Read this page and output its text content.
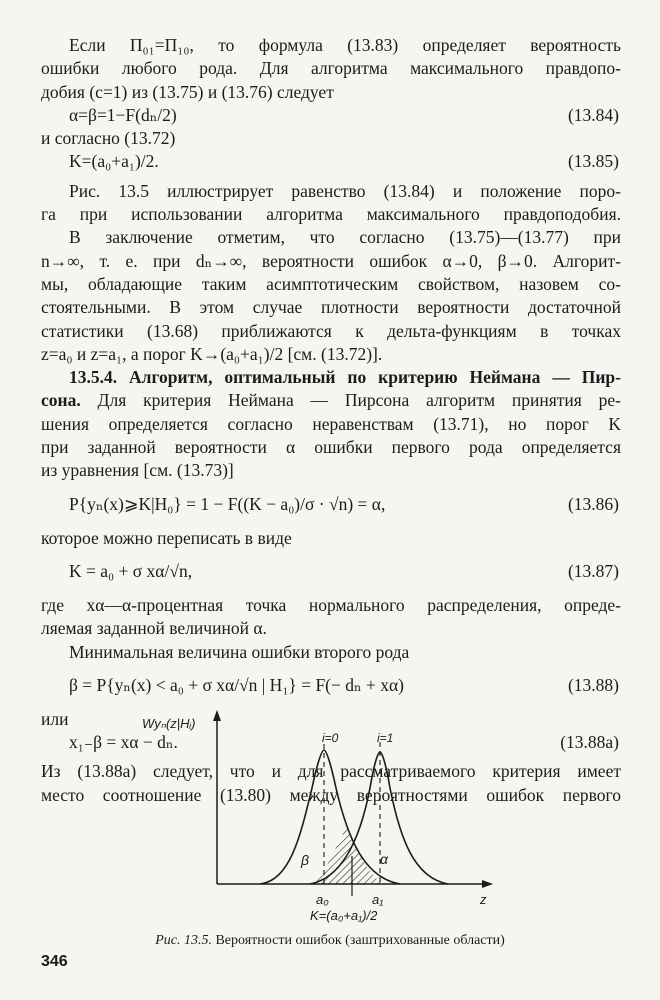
Если П₀₁=П₁₀, то формула (13.83) определяет вероятность

ошибки любого рода. Для алгоритма максимального правдопо-

добия (c=1) из (13.75) и (13.76) следует

α=β=1−F(dₙ/2)	(13.84)

и согласно (13.72)

K=(a₀+a₁)/2.	(13.85)

Рис. 13.5 иллюстрирует равенство (13.84) и положение поро-

га при использовании алгоритма максимального правдоподобия.

В заключение отметим, что согласно (13.75)—(13.77) при

n→∞, т. е. при dₙ→∞, вероятности ошибок α→0, β→0. Алгорит-

мы, обладающие таким асимптотическим свойством, назовем со-

стоятельными. В этом случае плотности вероятности достаточной

статистики (13.68) приближаются к дельта-функциям в точках

z=a₀ и z=a₁, а порог K→(a₀+a₁)/2 [см. (13.72)].

13.5.4. Алгоритм, оптимальный по критерию Неймана — Пир-

сона. Для критерия Неймана — Пирсона алгоритм принятия ре-

шения определяется согласно неравенствам (13.71), но порог K

при заданной вероятности α ошибки первого рода определяется

из уравнения [см. (13.73)]

P{yₙ(x)⩾K|H₀} = 1 − F((K − a₀)/σ · √n) = α,	(13.86)

которое можно переписать в виде

K = a₀ + σ xα/√n,	(13.87)

где xα—α-процентная точка нормального распределения, опреде-

ляемая заданной величиной α.

Минимальная величина ошибки второго рода

β = P{yₙ(x) < a₀ + σ xα/√n | H₁} = F(− dₙ + xα)	(13.88)

или

x₁₋β = xα − dₙ.	(13.88а)

Из (13.88а) следует, что и для рассматриваемого критерия имеет

место соотношение (13.80) между вероятностями ошибок первого

Wyₙ(z|Hᵢ)
z
i=0	i=1
β	α
a₀	a₁
K=(a₀+a₁)/2
Рис. 13.5. Вероятности ошибок (заштрихованные области)
346
